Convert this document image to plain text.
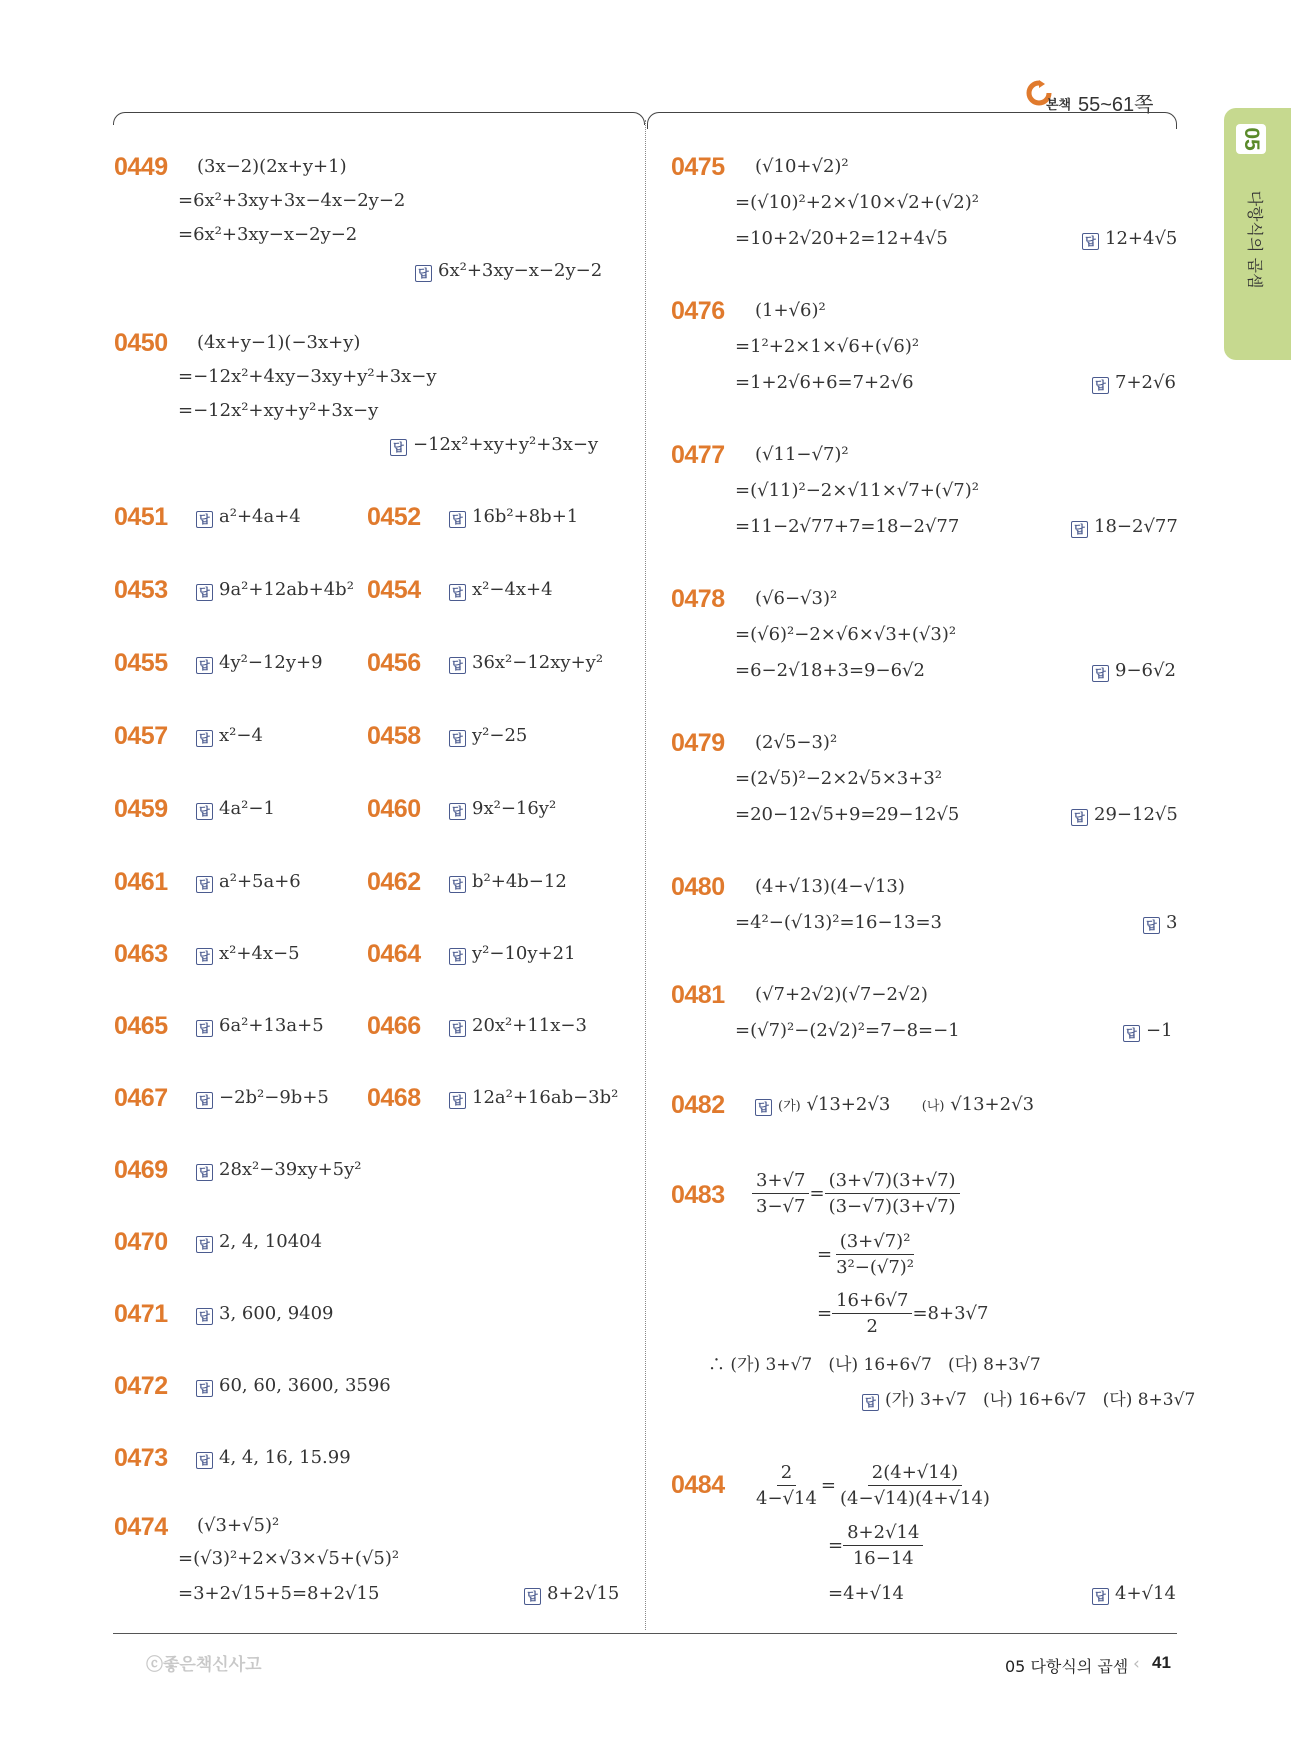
본책 55~61쪽
05
다항식의 곱셈
0449 (3x−2)(2x+y+1)
=6x²+3xy+3x−4x−2y−2
=6x²+3xy−x−2y−2
답 6x²+3xy−x−2y−2
0450 (4x+y−1)(−3x+y)
=−12x²+4xy−3xy+y²+3x−y
=−12x²+xy+y²+3x−y
답 −12x²+xy+y²+3x−y
0451	답 a²+4a+4	0452	답 16b²+8b+1
0453	답 9a²+12ab+4b² 0454	답 x²−4x+4
0455	답 4y²−12y+9 0456	답 36x²−12xy+y²
0457	답 x²−4	0458	답 y²−25
0459	답 4a²−1	0460	답 9x²−16y²
0461	답 a²+5a+6	0462	답 b²+4b−12
0463	답 x²+4x−5	0464	답 y²−10y+21
0465	답 6a²+13a+5 0466	답 20x²+11x−3
0467	답 −2b²−9b+5 0468	답 12a²+16ab−3b²
0469	답 28x²−39xy+5y²
0470	답 2, 4, 10404
0471	답 3, 600, 9409
0472	답 60, 60, 3600, 3596
0473	답 4, 4, 16, 15.99
0474 (√3+√5)²
=(√3)²+2×√3×√5+(√5)²
=3+2√15+5=8+2√15	답 8+2√15
0475 (√10+√2)²
=(√10)²+2×√10×√2+(√2)²
=10+2√20+2=12+4√5	답 12+4√5
0476 (1+√6)²
=1²+2×1×√6+(√6)²
=1+2√6+6=7+2√6	답 7+2√6
0477 (√11−√7)²
=(√11)²−2×√11×√7+(√7)²
=11−2√77+7=18−2√77	답 18−2√77
0478 (√6−√3)²
=(√6)²−2×√6×√3+(√3)²
=6−2√18+3=9−6√2	답 9−6√2
0479 (2√5−3)²
=(2√5)²−2×2√5×3+3²
=20−12√5+9=29−12√5	답 29−12√5
0480 (4+√13)(4−√13)
=4²−(√13)²=16−13=3	답 3
0481 (√7+2√2)(√7−2√2)
=(√7)²−(2√2)²=7−8=−1	답 −1
0482	답 (가) √13+2√3 (나) √13+2√3
$0483 \frac{3+√7}{3-√7} = \frac{(3+√7)(3+√7)}{(3-√7)(3+√7)}$
= $\frac{\text{(3+√7)²}}{\text{3²−(√7)²}}$
= $\frac{16+6√7}{2} =8+3√7$
∴ (가) 3+√7   (나) 16+6√7   (다) 8+3√7
답 (가) 3+√7   (나) 16+6√7   (다) 8+3√7
$0484 \frac{2}{4-√14} = \frac{2(4+√14)}{(4-√14)(4+√14)}$
= $\frac{8+2√14}{16-14}$
=4+√14	답 4+√14
ⓒ좋은책신사고	05 다항식의 곱셈 ‹ 41
